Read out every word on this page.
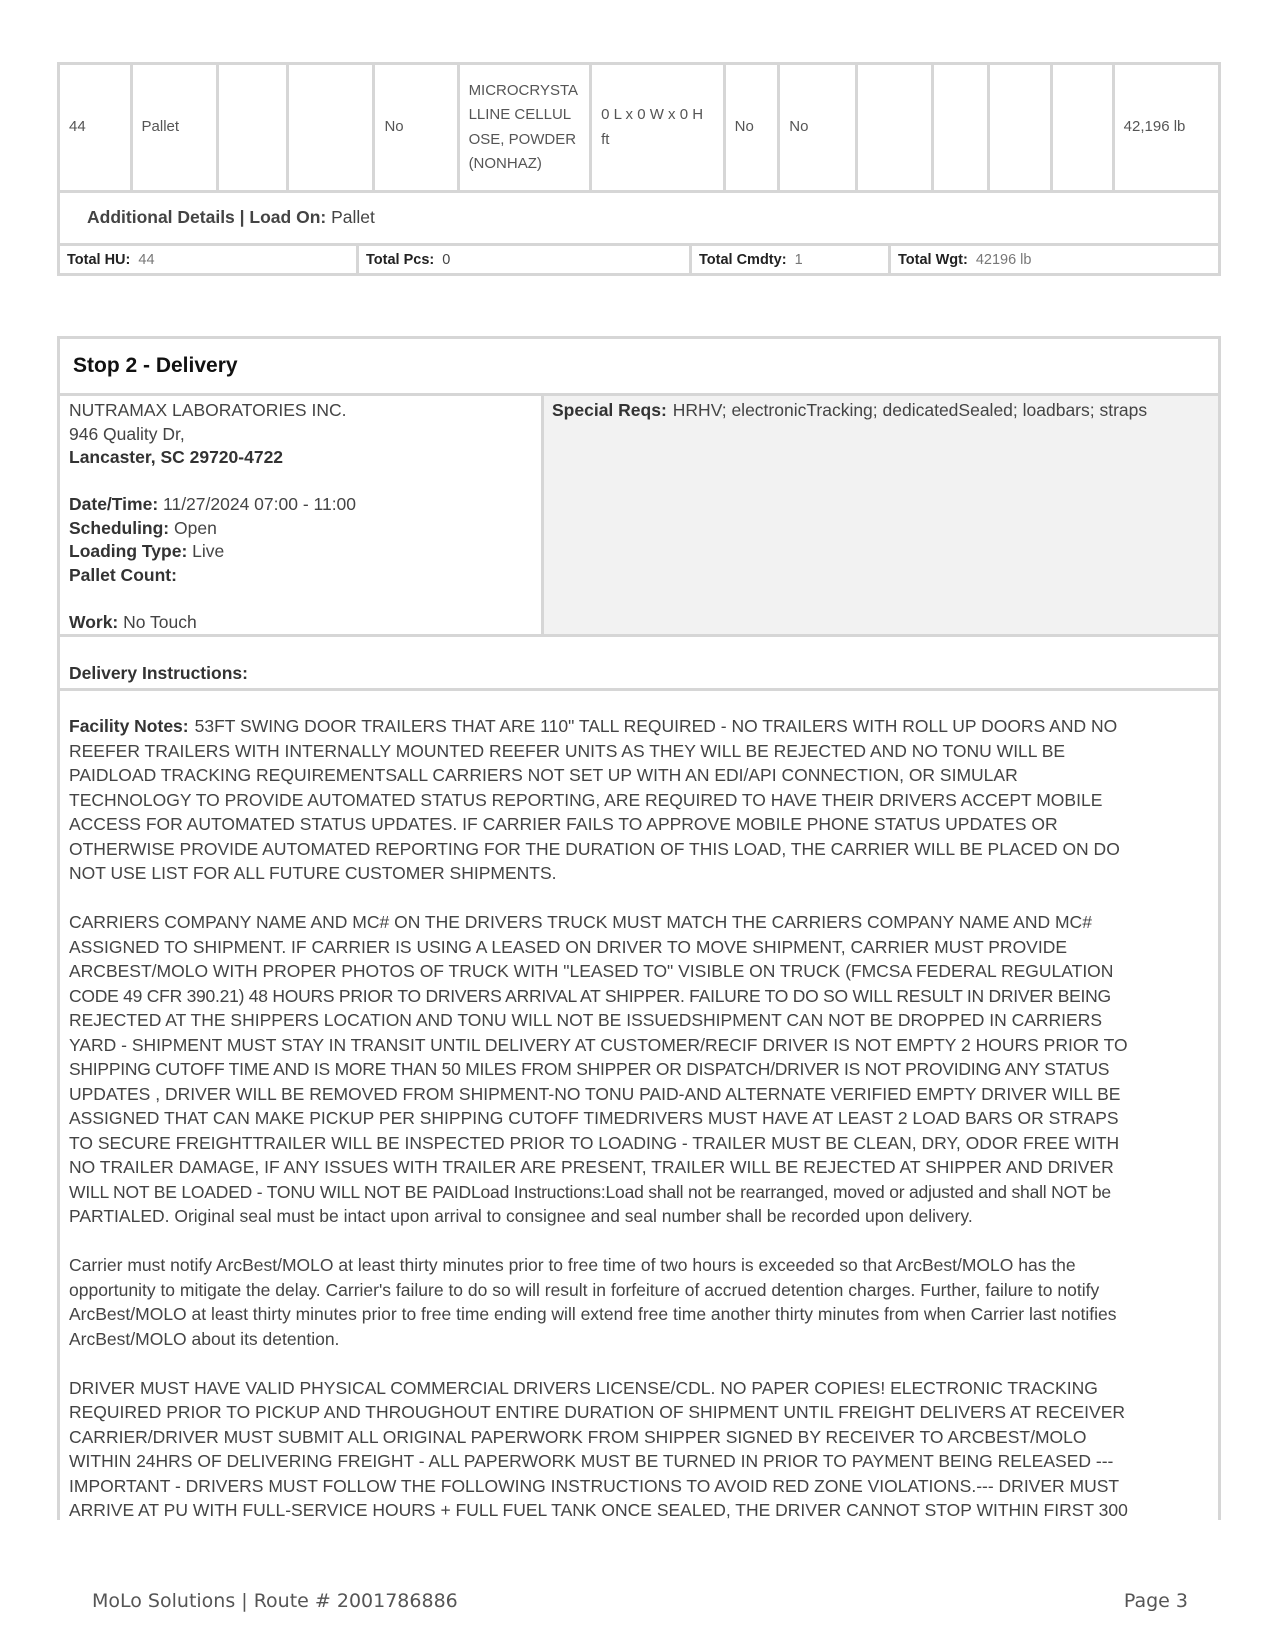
44	Pallet			No	MICROCRYSTALLINE CELLULOSE, POWDER (NONHAZ)	0 L x 0 W x 0 H ft	No	No					42,196 lb
Additional Details | Load On: Pallet
Total HU: 44	Total Pcs: 0	Total Cmdty: 1	Total Wgt: 42196 lb
Stop 2 - Delivery
NUTRAMAX LABORATORIES INC.
946 Quality Dr,
Lancaster, SC 29720-4722
Date/Time: 11/27/2024 07:00 - 11:00
Scheduling: Open
Loading Type: Live
Pallet Count:
Work: No Touch
Special Reqs: HRHV; electronicTracking; dedicatedSealed; loadbars; straps
Delivery Instructions:

Facility Notes: 53FT SWING DOOR TRAILERS THAT ARE 110" TALL REQUIRED - NO TRAILERS WITH ROLL UP DOORS AND NO
REEFER TRAILERS WITH INTERNALLY MOUNTED REEFER UNITS AS THEY WILL BE REJECTED AND NO TONU WILL BE
PAIDLOAD TRACKING REQUIREMENTSALL CARRIERS NOT SET UP WITH AN EDI/API CONNECTION, OR SIMULAR
TECHNOLOGY TO PROVIDE AUTOMATED STATUS REPORTING, ARE REQUIRED TO HAVE THEIR DRIVERS ACCEPT MOBILE
ACCESS FOR AUTOMATED STATUS UPDATES. IF CARRIER FAILS TO APPROVE MOBILE PHONE STATUS UPDATES OR
OTHERWISE PROVIDE AUTOMATED REPORTING FOR THE DURATION OF THIS LOAD, THE CARRIER WILL BE PLACED ON DO
NOT USE LIST FOR ALL FUTURE CUSTOMER SHIPMENTS.

CARRIERS COMPANY NAME AND MC# ON THE DRIVERS TRUCK MUST MATCH THE CARRIERS COMPANY NAME AND MC#
ASSIGNED TO SHIPMENT. IF CARRIER IS USING A LEASED ON DRIVER TO MOVE SHIPMENT, CARRIER MUST PROVIDE
ARCBEST/MOLO WITH PROPER PHOTOS OF TRUCK WITH "LEASED TO" VISIBLE ON TRUCK (FMCSA FEDERAL REGULATION
CODE 49 CFR 390.21) 48 HOURS PRIOR TO DRIVERS ARRIVAL AT SHIPPER. FAILURE TO DO SO WILL RESULT IN DRIVER BEING
REJECTED AT THE SHIPPERS LOCATION AND TONU WILL NOT BE ISSUEDSHIPMENT CAN NOT BE DROPPED IN CARRIERS
YARD - SHIPMENT MUST STAY IN TRANSIT UNTIL DELIVERY AT CUSTOMER/RECIF DRIVER IS NOT EMPTY 2 HOURS PRIOR TO
SHIPPING CUTOFF TIME AND IS MORE THAN 50 MILES FROM SHIPPER OR DISPATCH/DRIVER IS NOT PROVIDING ANY STATUS
UPDATES , DRIVER WILL BE REMOVED FROM SHIPMENT-NO TONU PAID-AND ALTERNATE VERIFIED EMPTY DRIVER WILL BE
ASSIGNED THAT CAN MAKE PICKUP PER SHIPPING CUTOFF TIMEDRIVERS MUST HAVE AT LEAST 2 LOAD BARS OR STRAPS
TO SECURE FREIGHTTRAILER WILL BE INSPECTED PRIOR TO LOADING - TRAILER MUST BE CLEAN, DRY, ODOR FREE WITH
NO TRAILER DAMAGE, IF ANY ISSUES WITH TRAILER ARE PRESENT, TRAILER WILL BE REJECTED AT SHIPPER AND DRIVER
WILL NOT BE LOADED - TONU WILL NOT BE PAIDLoad Instructions:Load shall not be rearranged, moved or adjusted and shall NOT be
PARTIALED. Original seal must be intact upon arrival to consignee and seal number shall be recorded upon delivery.

Carrier must notify ArcBest/MOLO at least thirty minutes prior to free time of two hours is exceeded so that ArcBest/MOLO has the
opportunity to mitigate the delay. Carrier's failure to do so will result in forfeiture of accrued detention charges. Further, failure to notify
ArcBest/MOLO at least thirty minutes prior to free time ending will extend free time another thirty minutes from when Carrier last notifies
ArcBest/MOLO about its detention.

DRIVER MUST HAVE VALID PHYSICAL COMMERCIAL DRIVERS LICENSE/CDL. NO PAPER COPIES! ELECTRONIC TRACKING
REQUIRED PRIOR TO PICKUP AND THROUGHOUT ENTIRE DURATION OF SHIPMENT UNTIL FREIGHT DELIVERS AT RECEIVER
CARRIER/DRIVER MUST SUBMIT ALL ORIGINAL PAPERWORK FROM SHIPPER SIGNED BY RECEIVER TO ARCBEST/MOLO
WITHIN 24HRS OF DELIVERING FREIGHT - ALL PAPERWORK MUST BE TURNED IN PRIOR TO PAYMENT BEING RELEASED ---
IMPORTANT - DRIVERS MUST FOLLOW THE FOLLOWING INSTRUCTIONS TO AVOID RED ZONE VIOLATIONS.--- DRIVER MUST
ARRIVE AT PU WITH FULL-SERVICE HOURS + FULL FUEL TANK ONCE SEALED, THE DRIVER CANNOT STOP WITHIN FIRST 300

MoLo Solutions | Route # 2001786886	Page 3
